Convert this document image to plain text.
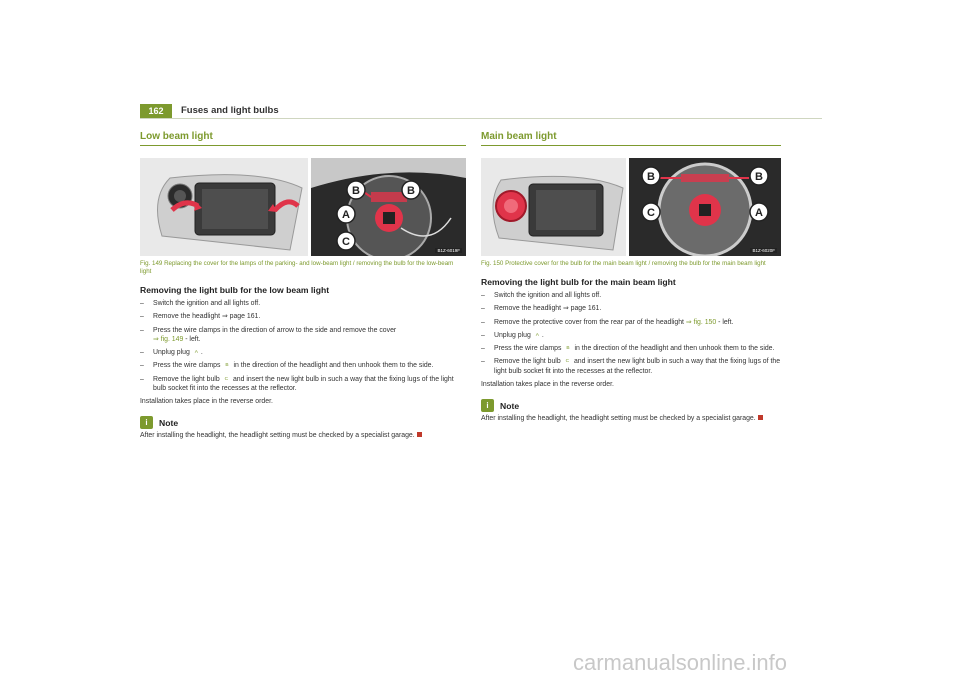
162	Fuses and light bulbs
Low beam light
B	B
A
C
B1Z-6019F
Fig. 149 Replacing the cover for the lamps of the parking- and low-beam light / removing the bulb for the low-beam light
Removing the light bulb for the low beam light
– Switch the ignition and all lights off.
– Remove the headlight ⇒ page 161.
– Press the wire clamps in the direction of arrow to the side and remove the cover
⇒ fig. 149 - left.
– Unplug plug A .
– Press the wire clamps B in the direction of the headlight and then unhook them to the side.
– Remove the light bulb C and insert the new light bulb in such a way that the fixing lugs of the light bulb socket fit into the recesses at the reflector.
Installation takes place in the reverse order.
i	Note
After installing the headlight, the headlight setting must be checked by a specialist garage.
Main beam light
B	B
C	A
B1Z-6020F
Fig. 150 Protective cover for the bulb for the main beam light / removing the bulb for the main beam light
Removing the light bulb for the main beam light
– Switch the ignition and all lights off.
– Remove the headlight ⇒ page 161.
– Remove the protective cover from the rear par of the headlight ⇒ fig. 150 - left.
– Unplug plug A .
– Press the wire clamps B in the direction of the headlight and then unhook them to the side.
– Remove the light bulb C and insert the new light bulb in such a way that the fixing lugs of the light bulb socket fit into the recesses at the reflector.
Installation takes place in the reverse order.
i	Note
After installing the headlight, the headlight setting must be checked by a specialist garage.
carmanualsonline.info
